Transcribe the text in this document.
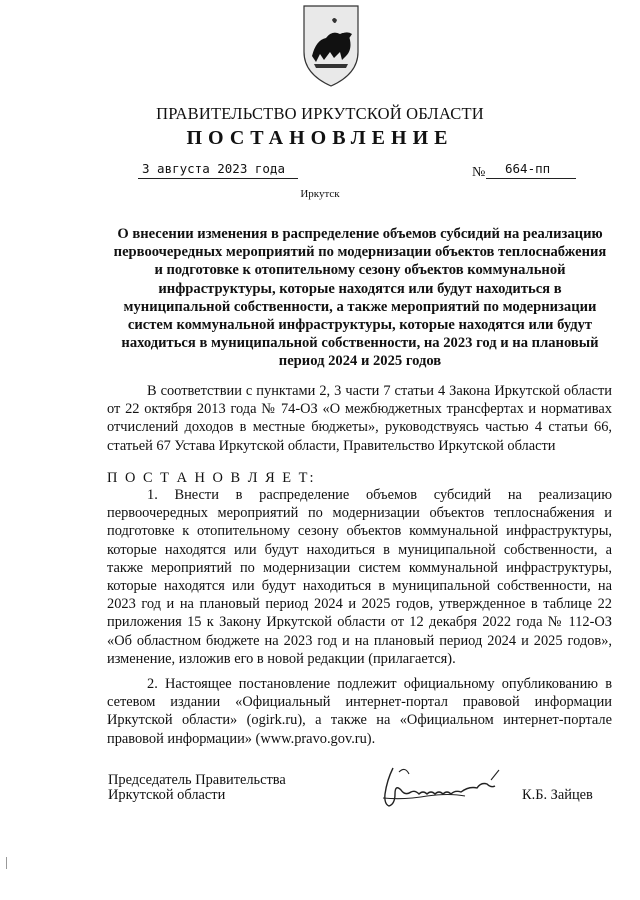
ПРАВИТЕЛЬСТВО ИРКУТСКОЙ ОБЛАСТИ
ПОСТАНОВЛЕНИЕ
3 августа 2023 года	№ 664-пп
Иркутск
О внесении изменения в распределение объемов субсидий на реализацию первоочередных мероприятий по модернизации объектов теплоснабжения и подготовке к отопительному сезону объектов коммунальной инфраструктуры, которые находятся или будут находиться в муниципальной собственности, а также мероприятий по модернизации систем коммунальной инфраструктуры, которые находятся или будут находиться в муниципальной собственности, на 2023 год и на плановый период 2024 и 2025 годов
В соответствии с пунктами 2, 3 части 7 статьи 4 Закона Иркутской области от 22 октября 2013 года № 74-ОЗ «О межбюджетных трансфертах и нормативах отчислений доходов в местные бюджеты», руководствуясь частью 4 статьи 66, статьей 67 Устава Иркутской области, Правительство Иркутской области
П О С Т А Н О В Л Я Е Т:
1. Внести в распределение объемов субсидий на реализацию первоочередных мероприятий по модернизации объектов теплоснабжения и подготовке к отопительному сезону объектов коммунальной инфраструктуры, которые находятся или будут находиться в муниципальной собственности, а также мероприятий по модернизации систем коммунальной инфраструктуры, которые находятся или будут находиться в муниципальной собственности, на 2023 год и на плановый период 2024 и 2025 годов, утвержденное в таблице 22 приложения 15 к Закону Иркутской области от 12 декабря 2022 года № 112-ОЗ «Об областном бюджете на 2023 год и на плановый период 2024 и 2025 годов», изменение, изложив его в новой редакции (прилагается).
2. Настоящее постановление подлежит официальному опубликованию в сетевом издании «Официальный интернет-портал правовой информации Иркутской области» (ogirk.ru), а также на «Официальном интернет-портале правовой информации» (www.pravo.gov.ru).
Председатель Правительства
Иркутской области	К.Б. Зайцев
